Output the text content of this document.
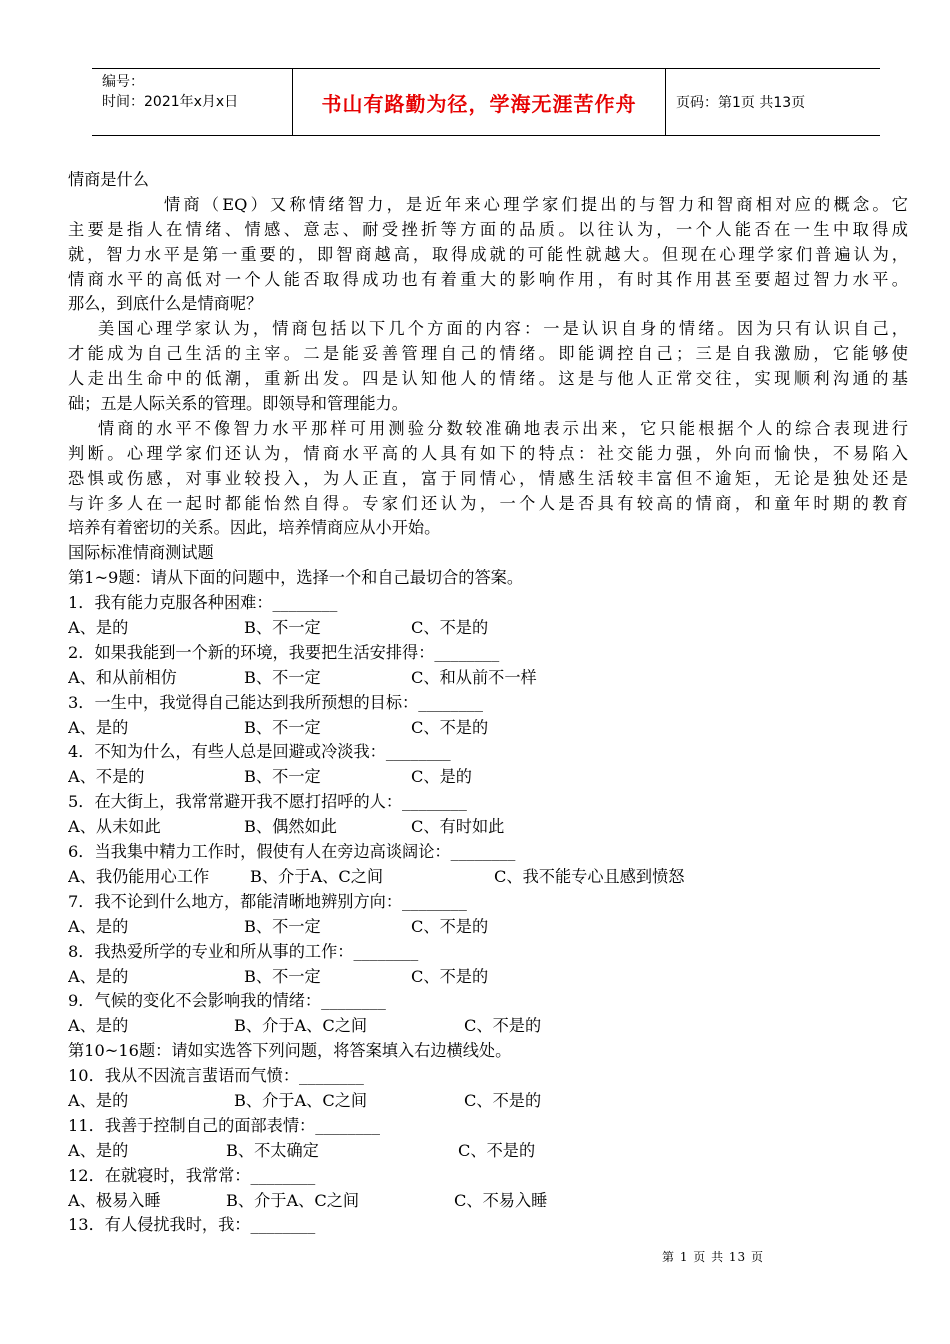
编号：
时间：2021年x月x日	书山有路勤为径，学海无涯苦作舟	页码：第1页 共13页
情商是什么
情商（EQ）又称情绪智力，是近年来心理学家们提出的与智力和智商相对应的概念。它
主要是指人在情绪、情感、意志、耐受挫折等方面的品质。以往认为，一个人能否在一生中取得成
就，智力水平是第一重要的，即智商越高，取得成就的可能性就越大。但现在心理学家们普遍认为，
情商水平的高低对一个人能否取得成功也有着重大的影响作用，有时其作用甚至要超过智力水平。
那么，到底什么是情商呢？
美国心理学家认为，情商包括以下几个方面的内容：一是认识自身的情绪。因为只有认识自己，
才能成为自己生活的主宰。二是能妥善管理自己的情绪。即能调控自己；三是自我激励，它能够使
人走出生命中的低潮，重新出发。四是认知他人的情绪。这是与他人正常交往，实现顺利沟通的基
础；五是人际关系的管理。即领导和管理能力。
情商的水平不像智力水平那样可用测验分数较准确地表示出来，它只能根据个人的综合表现进行
判断。心理学家们还认为，情商水平高的人具有如下的特点：社交能力强，外向而愉快，不易陷入
恐惧或伤感，对事业较投入，为人正直，富于同情心，情感生活较丰富但不逾矩，无论是独处还是
与许多人在一起时都能怡然自得。专家们还认为，一个人是否具有较高的情商，和童年时期的教育
培养有着密切的关系。因此，培养情商应从小开始。
国际标准情商测试题
第1~9题：请从下面的问题中，选择一个和自己最切合的答案。
1．我有能力克服各种困难：________
A、是的	B、不一定	C、不是的
2．如果我能到一个新的环境，我要把生活安排得：________
A、和从前相仿	B、不一定	C、和从前不一样
3．一生中，我觉得自己能达到我所预想的目标：________
A、是的	B、不一定	C、不是的
4．不知为什么，有些人总是回避或冷淡我：________
A、不是的	B、不一定	C、是的
5．在大街上，我常常避开我不愿打招呼的人：________
A、从未如此	B、偶然如此	C、有时如此
6．当我集中精力工作时，假使有人在旁边高谈阔论：________
A、我仍能用心工作	B、介于A、C之间	C、我不能专心且感到愤怒
7．我不论到什么地方，都能清晰地辨别方向：________
A、是的	B、不一定	C、不是的
8．我热爱所学的专业和所从事的工作：________
A、是的	B、不一定	C、不是的
9．气候的变化不会影响我的情绪：________
A、是的	B、介于A、C之间	C、不是的
第10~16题：请如实选答下列问题，将答案填入右边横线处。
10．我从不因流言蜚语而气愤：________
A、是的	B、介于A、C之间	C、不是的
11．我善于控制自己的面部表情：________
A、是的	B、不太确定	C、不是的
12．在就寝时，我常常：________
A、极易入睡	B、介于A、C之间	C、不易入睡
13．有人侵扰我时，我：________
第 1 页 共 13 页
